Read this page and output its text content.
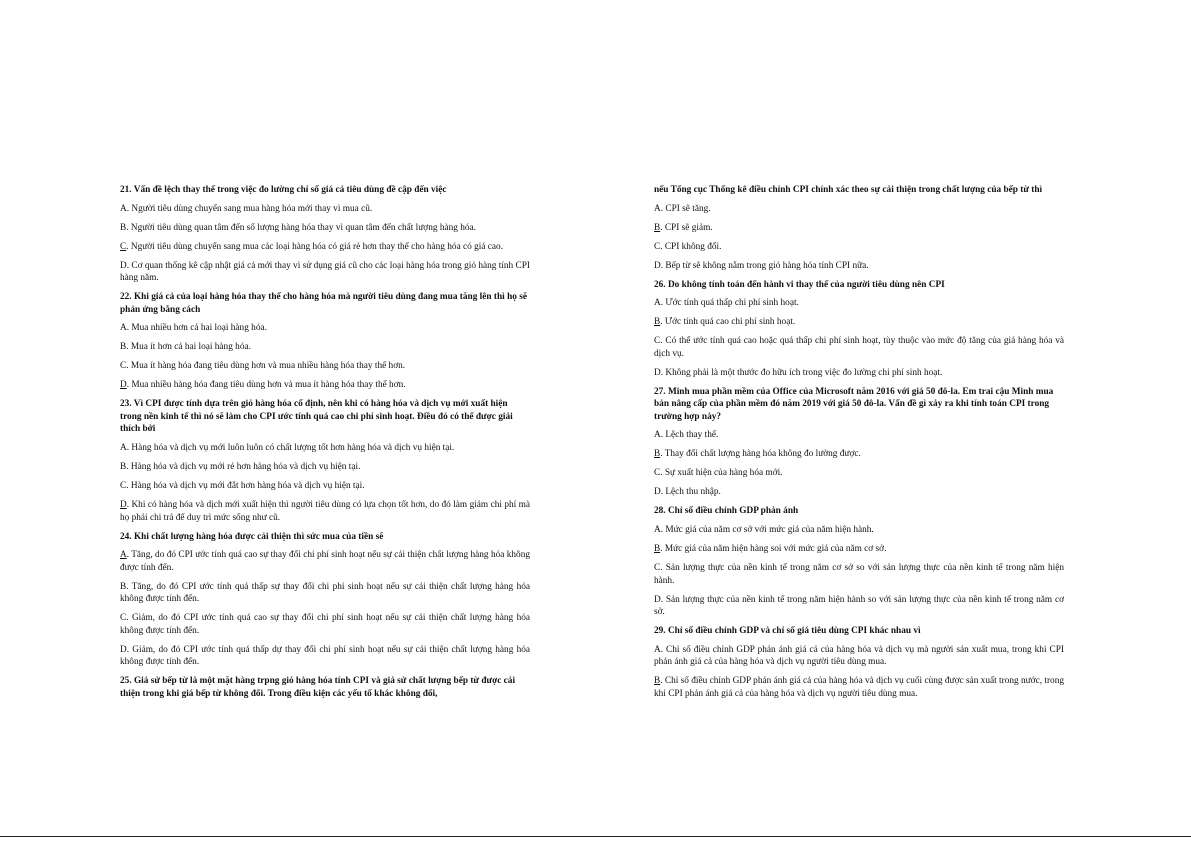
21. Vấn đề lệch thay thế trong việc đo lường chỉ số giá cả tiêu dùng đề cập đến việc
A. Người tiêu dùng chuyển sang mua hàng hóa mới thay vì mua cũ.
B. Người tiêu dùng quan tâm đến số lượng hàng hóa thay vì quan tâm đến chất lượng hàng hóa.
C. Người tiêu dùng chuyển sang mua các loại hàng hóa có giá rẻ hơn thay thế cho hàng hóa có giá cao.
D. Cơ quan thống kê cập nhật giá cả mới thay vì sử dụng giá cũ cho các loại hàng hóa trong giỏ hàng tính CPI hàng năm.
22. Khi giá cả của loại hàng hóa thay thế cho hàng hóa mà người tiêu dùng đang mua tăng lên thì họ sẽ phản ứng bằng cách
A. Mua nhiều hơn cả hai loại hàng hóa.
B. Mua ít hơn cả hai loại hàng hóa.
C. Mua ít hàng hóa đang tiêu dùng hơn và mua nhiều hàng hóa thay thế hơn.
D. Mua nhiều hàng hóa đang tiêu dùng hơn và mua ít hàng hóa thay thế hơn.
23. Vì CPI được tính dựa trên giỏ hàng hóa cố định, nên khi có hàng hóa và dịch vụ mới xuất hiện trong nền kinh tế thì nó sẽ làm cho CPI ước tính quá cao chi phí sinh hoạt. Điều đó có thể được giải thích bởi
A. Hàng hóa và dịch vụ mới luôn luôn có chất lượng tốt hơn hàng hóa và dịch vụ hiện tại.
B. Hàng hóa và dịch vụ mới rẻ hơn hàng hóa và dịch vụ hiện tại.
C. Hàng hóa và dịch vụ mới đắt hơn hàng hóa và dịch vụ hiện tại.
D. Khi có hàng hóa và dịch mới xuất hiện thì người tiêu dùng có lựa chọn tốt hơn, do đó làm giảm chi phí mà họ phải chi trả để duy trì mức sống như cũ.
24. Khi chất lượng hàng hóa được cải thiện thì sức mua của tiền sẽ
A. Tăng, do đó CPI ước tính quá cao sự thay đổi chi phí sinh hoạt nếu sự cải thiện chất lượng hàng hóa không được tính đến.
B. Tăng, do đó CPI ước tính quá thấp sự thay đổi chi phí sinh hoạt nếu sự cải thiện chất lượng hàng hóa không được tính đến.
C. Giảm, do đó CPI ước tính quá cao sự thay đổi chi phí sinh hoạt nếu sự cải thiện chất lượng hàng hóa không được tính đến.
D. Giảm, do đó CPI ước tính quá thấp dự thay đổi chi phí sinh hoạt nếu sự cải thiện chất lượng hàng hóa không được tính đến.
25. Giả sử bếp từ là một mặt hàng trpng giỏ hàng hóa tính CPI và giả sử chất lượng bếp từ được cải thiện trong khi giá bếp từ không đổi. Trong điều kiện các yếu tố khác không đổi,
nếu Tổng cục Thống kê điều chỉnh CPI chính xác theo sự cải thiện trong chất lượng của bếp từ thì
A. CPI sẽ tăng.
B. CPI sẽ giảm.
C. CPI không đổi.
D. Bếp từ sẽ không nằm trong giỏ hàng hóa tính CPI nữa.
26. Do không tính toán đến hành vi thay thế của người tiêu dùng nên CPI
A. Ước tính quá thấp chi phí sinh hoạt.
B. Ước tính quá cao chi phí sinh hoạt.
C. Có thể ước tính quá cao hoặc quá thấp chi phí sinh hoạt, tùy thuộc vào mức độ tăng của giá hàng hóa và dịch vụ.
D. Không phải là một thước đo hữu ích trong việc đo lường chi phí sinh hoạt.
27. Minh mua phần mềm của Office của Microsoft năm 2016 với giá 50 đô-la. Em trai cậu Minh mua bản nâng cấp của phần mềm đó năm 2019 với giá 50 đô-la. Vấn đề gì xảy ra khi tính toán CPI trong trường hợp này?
A. Lệch thay thế.
B. Thay đổi chất lượng hàng hóa không đo lường được.
C. Sự xuất hiện của hàng hóa mới.
D. Lệch thu nhập.
28. Chỉ số điều chỉnh GDP phản ánh
A. Mức giá của năm cơ sở với mức giá của năm hiện hành.
B. Mức giá của năm hiện hàng soi với mức giá của năm cơ sở.
C. Sản lượng thực của nền kinh tế trong năm cơ sở so với sản lượng thực của nền kinh tế trong năm hiện hành.
D. Sản lượng thực của nền kinh tế trong năm hiện hành so với sản lượng thực của nền kinh tế trong năm cơ sở.
29. Chỉ số điều chỉnh GDP và chỉ số giá tiêu dùng CPI khác nhau vì
A. Chỉ số điều chỉnh GDP phản ánh giá cả của hàng hóa và dịch vụ mà người sản xuất mua, trong khi CPI phản ánh giá cả của hàng hóa và dịch vụ người tiêu dùng mua.
B. Chỉ số điều chỉnh GDP phản ánh giá cả của hàng hóa và dịch vụ cuối cùng được sản xuất trong nước, trong khi CPI phản ánh giá cả của hàng hóa và dịch vụ người tiêu dùng mua.
